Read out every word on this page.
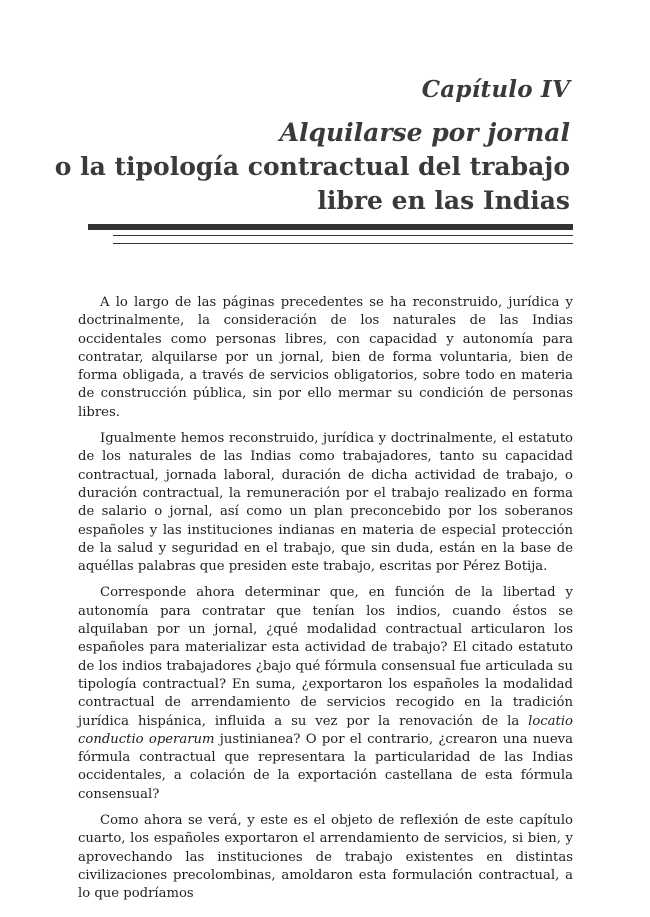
Capítulo IV
Alquilarse por jornal
o la tipología contractual del trabajo
libre en las Indias

A lo largo de las páginas precedentes se ha reconstruido, jurídica y doctrinalmente, la consideración de los naturales de las Indias occidentales como personas libres, con capacidad y autonomía para contratar, alquilarse por un jornal, bien de forma voluntaria, bien de forma obligada, a través de servicios obligatorios, sobre todo en materia de construcción pública, sin por ello mermar su condición de personas libres.

Igualmente hemos reconstruido, jurídica y doctrinalmente, el estatuto de los naturales de las Indias como trabajadores, tanto su capacidad contractual, jornada laboral, duración de dicha actividad de trabajo, o duración contractual, la remuneración por el trabajo realizado en forma de salario o jornal, así como un plan preconcebido por los soberanos españoles y las instituciones indianas en materia de especial protección de la salud y seguridad en el trabajo, que sin duda, están en la base de aquéllas palabras que presiden este trabajo, escritas por Pérez Botija.

Corresponde ahora determinar que, en función de la libertad y autonomía para contratar que tenían los indios, cuando éstos se alquilaban por un jornal, ¿qué modalidad contractual articularon los españoles para materializar esta actividad de trabajo? El citado estatuto de los indios trabajadores ¿bajo qué fórmula consensual fue articulada su tipología contractual? En suma, ¿exportaron los españoles la modalidad contractual de arrendamiento de servicios recogido en la tradición jurídica hispánica, influida a su vez por la renovación de la locatio conductio operarum justinianea? O por el contrario, ¿crearon una nueva fórmula contractual que representara la particularidad de las Indias occidentales, a colación de la exportación castellana de esta fórmula consensual?

Como ahora se verá, y este es el objeto de reflexión de este capítulo cuarto, los españoles exportaron el arrendamiento de servicios, si bien, y aprovechando las instituciones de trabajo existentes en distintas civilizaciones precolombinas, amoldaron esta formulación contractual, a lo que podríamos
